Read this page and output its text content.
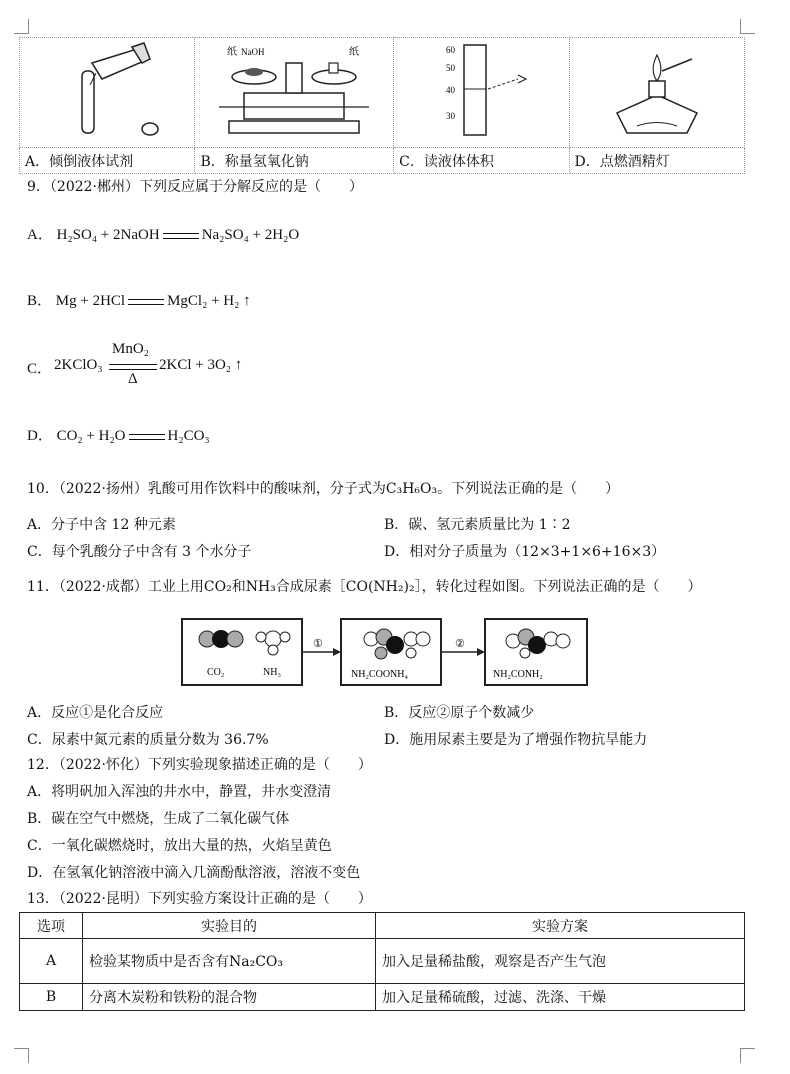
纸 NaOH 纸	60
50
40
30

A．倾倒液体试剂	B．称量氢氧化钠	C．读液体体积	D．点燃酒精灯
9．（2022·郴州）下列反应属于分解反应的是（　　）
A． H₂SO₄ + 2NaOH	Na₂SO₄ + 2H₂O
B． Mg + 2HCl	MgCl₂ + H₂ ↑
C． 2KClO₃
MnO₂
Δ
2KCl + 3O₂ ↑
D． CO₂ + H₂O	H₂CO₃
10．（2022·扬州）乳酸可用作饮料中的酸味剂，分子式为C₃H₆O₃。下列说法正确的是（　　）
A．分子中含 12 种元素	B．碳、氢元素质量比为 1∶2
C．每个乳酸分子中含有 3 个水分子	D．相对分子质量为（12×3+1×6+16×3）
11．（2022·成都）工业上用CO₂和NH₃合成尿素［CO(NH₂)₂］，转化过程如图。下列说法正确的是（　　）
CO₂	NH₃
①
NH₂COONH₄
②
NH₂CONH₂
A．反应①是化合反应	B．反应②原子个数减少
C．尿素中氮元素的质量分数为 36.7%	D．施用尿素主要是为了增强作物抗旱能力
12．（2022·怀化）下列实验现象描述正确的是（　　）
A．将明矾加入浑浊的井水中，静置，井水变澄清
B．碳在空气中燃烧，生成了二氧化碳气体
C．一氧化碳燃烧时，放出大量的热，火焰呈黄色
D．在氢氧化钠溶液中滴入几滴酚酞溶液，溶液不变色
13．（2022·昆明）下列实验方案设计正确的是（　　）
选项	实验目的	实验方案
A	检验某物质中是否含有Na₂CO₃	加入足量稀盐酸，观察是否产生气泡
B	分离木炭粉和铁粉的混合物	加入足量稀硫酸，过滤、洗涤、干燥
